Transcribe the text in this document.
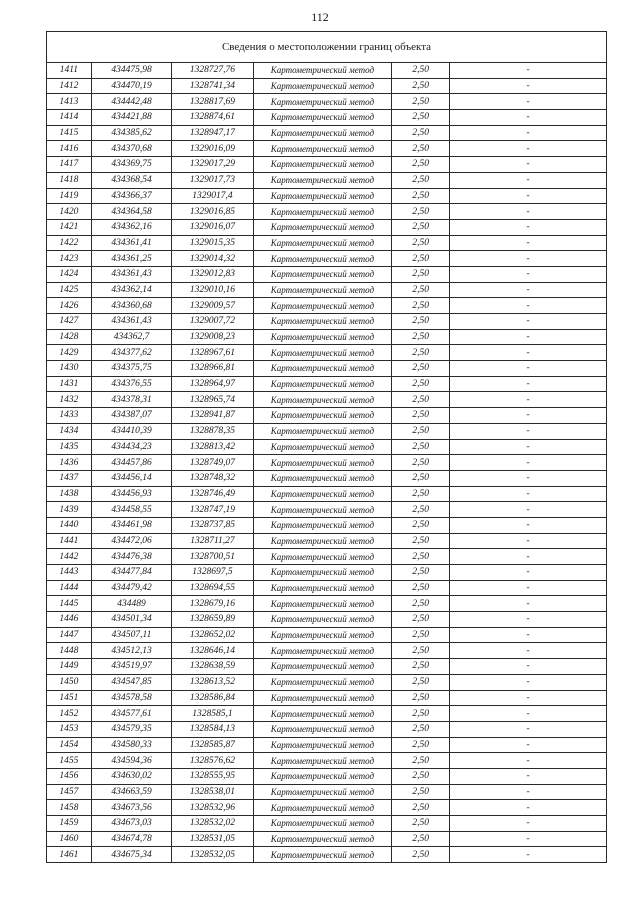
112
Сведения о местоположении границ объекта					
1411	434475,98	1328727,76	Картометрический метод	2,50	-
1412	434470,19	1328741,34	Картометрический метод	2,50	-
1413	434442,48	1328817,69	Картометрический метод	2,50	-
1414	434421,88	1328874,61	Картометрический метод	2,50	-
1415	434385,62	1328947,17	Картометрический метод	2,50	-
1416	434370,68	1329016,09	Картометрический метод	2,50	-
1417	434369,75	1329017,29	Картометрический метод	2,50	-
1418	434368,54	1329017,73	Картометрический метод	2,50	-
1419	434366,37	1329017,4	Картометрический метод	2,50	-
1420	434364,58	1329016,85	Картометрический метод	2,50	-
1421	434362,16	1329016,07	Картометрический метод	2,50	-
1422	434361,41	1329015,35	Картометрический метод	2,50	-
1423	434361,25	1329014,32	Картометрический метод	2,50	-
1424	434361,43	1329012,83	Картометрический метод	2,50	-
1425	434362,14	1329010,16	Картометрический метод	2,50	-
1426	434360,68	1329009,57	Картометрический метод	2,50	-
1427	434361,43	1329007,72	Картометрический метод	2,50	-
1428	434362,7	1329008,23	Картометрический метод	2,50	-
1429	434377,62	1328967,61	Картометрический метод	2,50	-
1430	434375,75	1328966,81	Картометрический метод	2,50	-
1431	434376,55	1328964,97	Картометрический метод	2,50	-
1432	434378,31	1328965,74	Картометрический метод	2,50	-
1433	434387,07	1328941,87	Картометрический метод	2,50	-
1434	434410,39	1328878,35	Картометрический метод	2,50	-
1435	434434,23	1328813,42	Картометрический метод	2,50	-
1436	434457,86	1328749,07	Картометрический метод	2,50	-
1437	434456,14	1328748,32	Картометрический метод	2,50	-
1438	434456,93	1328746,49	Картометрический метод	2,50	-
1439	434458,55	1328747,19	Картометрический метод	2,50	-
1440	434461,98	1328737,85	Картометрический метод	2,50	-
1441	434472,06	1328711,27	Картометрический метод	2,50	-
1442	434476,38	1328700,51	Картометрический метод	2,50	-
1443	434477,84	1328697,5	Картометрический метод	2,50	-
1444	434479,42	1328694,55	Картометрический метод	2,50	-
1445	434489	1328679,16	Картометрический метод	2,50	-
1446	434501,34	1328659,89	Картометрический метод	2,50	-
1447	434507,11	1328652,02	Картометрический метод	2,50	-
1448	434512,13	1328646,14	Картометрический метод	2,50	-
1449	434519,97	1328638,59	Картометрический метод	2,50	-
1450	434547,85	1328613,52	Картометрический метод	2,50	-
1451	434578,58	1328586,84	Картометрический метод	2,50	-
1452	434577,61	1328585,1	Картометрический метод	2,50	-
1453	434579,35	1328584,13	Картометрический метод	2,50	-
1454	434580,33	1328585,87	Картометрический метод	2,50	-
1455	434594,36	1328576,62	Картометрический метод	2,50	-
1456	434630,02	1328555,95	Картометрический метод	2,50	-
1457	434663,59	1328538,01	Картометрический метод	2,50	-
1458	434673,56	1328532,96	Картометрический метод	2,50	-
1459	434673,03	1328532,02	Картометрический метод	2,50	-
1460	434674,78	1328531,05	Картометрический метод	2,50	-
1461	434675,34	1328532,05	Картометрический метод	2,50	-
